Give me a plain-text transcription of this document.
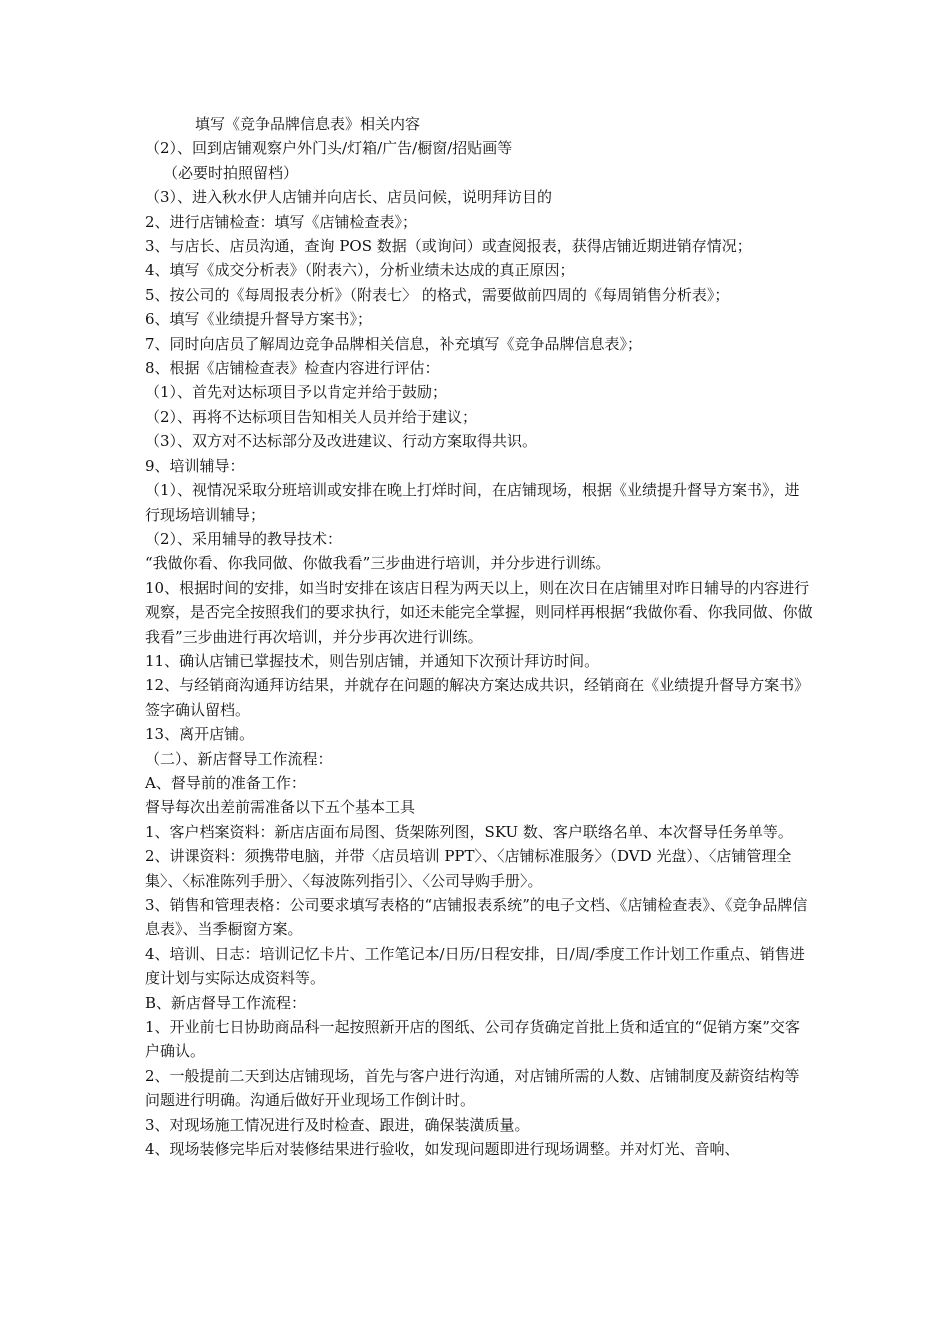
填写《竞争品牌信息表》相关内容

（2）、回到店铺观察户外门头/灯箱/广告/橱窗/招贴画等

（必要时拍照留档）

（3）、进入秋水伊人店铺并向店长、店员问候，说明拜访目的

2、进行店铺检查：填写《店铺检查表》；

3、与店长、店员沟通，查询 POS 数据（或询问）或查阅报表，获得店铺近期进销存情况；

4、填写《成交分析表》（附表六），分析业绩未达成的真正原因；

5、按公司的《每周报表分析》（附表七〉 的格式，需要做前四周的《每周销售分析表》；

6、填写《业绩提升督导方案书》；

7、同时向店员了解周边竞争品牌相关信息，补充填写《竞争品牌信息表》；

8、根据《店铺检查表》检查内容进行评估：

（1）、首先对达标项目予以肯定并给于鼓励；

（2）、再将不达标项目告知相关人员并给于建议；

（3）、双方对不达标部分及改进建议、行动方案取得共识。

9、培训辅导：

（1）、视情况采取分班培训或安排在晚上打烊时间，在店铺现场，根据《业绩提升督导方案书》，进行现场培训辅导；

（2）、采用辅导的教导技术：

“我做你看、你我同做、你做我看”三步曲进行培训，并分步进行训练。

10、根据时间的安排，如当时安排在该店日程为两天以上，则在次日在店铺里对昨日辅导的内容进行观察，是否完全按照我们的要求执行，如还未能完全掌握，则同样再根据“我做你看、你我同做、你做我看”三步曲进行再次培训，并分步再次进行训练。

11、确认店铺已掌握技术，则告别店铺，并通知下次预计拜访时间。

12、与经销商沟通拜访结果，并就存在问题的解决方案达成共识，经销商在《业绩提升督导方案书》签字确认留档。

13、离开店铺。

（二）、新店督导工作流程：

A、督导前的准备工作：

督导每次出差前需准备以下五个基本工具

1、客户档案资料：新店店面布局图、货架陈列图，SKU 数、客户联络名单、本次督导任务单等。

2、讲课资料：须携带电脑，并带〈店员培训 PPT〉、〈店铺标准服务〉（DVD 光盘）、〈店铺管理全集〉、〈标准陈列手册〉、〈每波陈列指引〉、〈公司导购手册〉。

3、销售和管理表格：公司要求填写表格的“店铺报表系统”的电子文档、《店铺检查表》、《竞争品牌信息表》、当季橱窗方案。

4、培训、日志：培训记忆卡片、工作笔记本/日历/日程安排，日/周/季度工作计划工作重点、销售进度计划与实际达成资料等。

B、新店督导工作流程：

1、开业前七日协助商品科一起按照新开店的图纸、公司存货确定首批上货和适宜的“促销方案”交客户确认。

2、一般提前二天到达店铺现场，首先与客户进行沟通，对店铺所需的人数、店铺制度及薪资结构等问题进行明确。沟通后做好开业现场工作倒计时。

3、对现场施工情况进行及时检查、跟进，确保装潢质量。

4、现场装修完毕后对装修结果进行验收，如发现问题即进行现场调整。并对灯光、音响、
